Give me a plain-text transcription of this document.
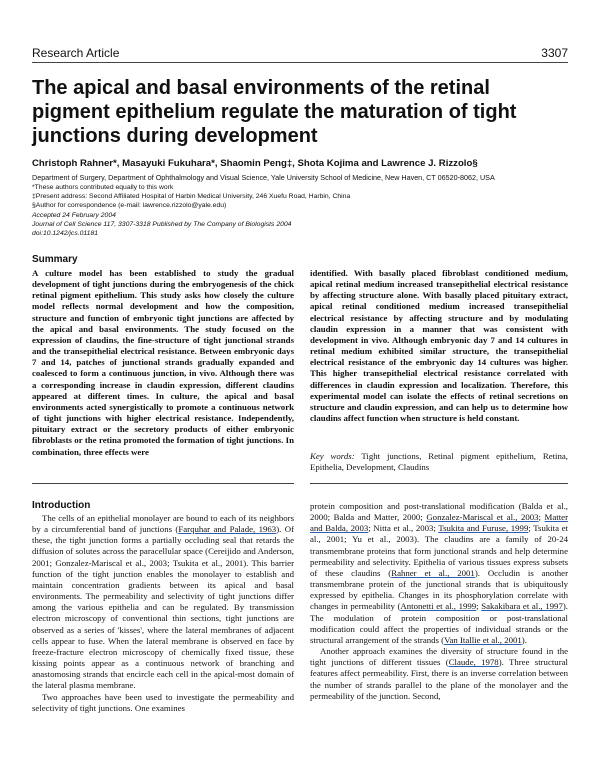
Research Article	3307
The apical and basal environments of the retinal pigment epithelium regulate the maturation of tight junctions during development
Christoph Rahner*, Masayuki Fukuhara*, Shaomin Peng‡, Shota Kojima and Lawrence J. Rizzolo§
Department of Surgery, Department of Ophthalmology and Visual Science, Yale University School of Medicine, New Haven, CT 06520-8062, USA
*These authors contributed equally to this work
‡Present address: Second Affiliated Hospital of Harbin Medical University, 246 Xuefu Road, Harbin, China
§Author for correspondence (e-mail: lawrence.rizzolo@yale.edu)
Accepted 24 February 2004
Journal of Cell Science 117, 3307-3318 Published by The Company of Biologists 2004
doi:10.1242/jcs.01181
Summary

A culture model has been established to study the gradual development of tight junctions during the embryogenesis of the chick retinal pigment epithelium. This study asks how closely the culture model reflects normal development and how the composition, structure and function of embryonic tight junctions are affected by the apical and basal environments. The study focused on the expression of claudins, the fine-structure of tight junctional strands and the transepithelial electrical resistance. Between embryonic days 7 and 14, patches of junctional strands gradually expanded and coalesced to form a continuous junction, in vivo. Although there was a corresponding increase in claudin expression, different claudins appeared at different times. In culture, the apical and basal environments acted synergistically to promote a continuous network of tight junctions with higher electrical resistance. Independently, pituitary extract or the secretory products of either embryonic fibroblasts or the retina promoted the formation of tight junctions. In combination, three effects were

identified. With basally placed fibroblast conditioned medium, apical retinal medium increased transepithelial electrical resistance by affecting structure alone. With basally placed pituitary extract, apical retinal conditioned medium increased transepithelial electrical resistance by affecting structure and by modulating claudin expression in a manner that was consistent with development in vivo. Although embryonic day 7 and 14 cultures in retinal medium exhibited similar structure, the transepithelial electrical resistance of the embryonic day 14 cultures was higher. This higher transepithelial electrical resistance correlated with differences in claudin expression and localization. Therefore, this experimental model can isolate the effects of retinal secretions on structure and claudin expression, and can help us to determine how claudins affect function when structure is held constant.

Key words: Tight junctions, Retinal pigment epithelium, Retina, Epithelia, Development, Claudins
Introduction

The cells of an epithelial monolayer are bound to each of its neighbors by a circumferential band of junctions (Farquhar and Palade, 1963). Of these, the tight junction forms a partially occluding seal that retards the diffusion of solutes across the paracellular space (Cereijido and Anderson, 2001; Gonzalez-Mariscal et al., 2003; Tsukita et al., 2001). This barrier function of the tight junction enables the monolayer to establish and maintain concentration gradients between its apical and basal environments. The permeability and selectivity of tight junctions differ among the various epithelia and can be regulated. By transmission electron microscopy of conventional thin sections, tight junctions are observed as a series of 'kisses', where the lateral membranes of adjacent cells appear to fuse. When the lateral membrane is observed en face by freeze-fracture electron microscopy of chemically fixed tissue, these kissing points appear as a continuous network of branching and anastomosing strands that encircle each cell in the apical-most domain of the lateral plasma membrane.

Two approaches have been used to investigate the permeability and selectivity of tight junctions. One examines

protein composition and post-translational modification (Balda et al., 2000; Balda and Matter, 2000; Gonzalez-Mariscal et al., 2003; Matter and Balda, 2003; Nitta et al., 2003; Tsukita and Furuse, 1999; Tsukita et al., 2001; Yu et al., 2003). The claudins are a family of 20-24 transmembrane proteins that form junctional strands and help determine permeability and selectivity. Epithelia of various tissues express subsets of these claudins (Rahner et al., 2001). Occludin is another transmembrane protein of the junctional strands that is ubiquitously expressed by epithelia. Changes in its phosphorylation correlate with changes in permeability (Antonetti et al., 1999; Sakakibara et al., 1997). The modulation of protein composition or post-translational modification could affect the properties of individual strands or the structural arrangement of the strands (Van Itallie et al., 2001).

Another approach examines the diversity of structure found in the tight junctions of different tissues (Claude, 1978). Three structural features affect permeability. First, there is an inverse correlation between the number of strands parallel to the plane of the monolayer and the permeability of the junction. Second,
